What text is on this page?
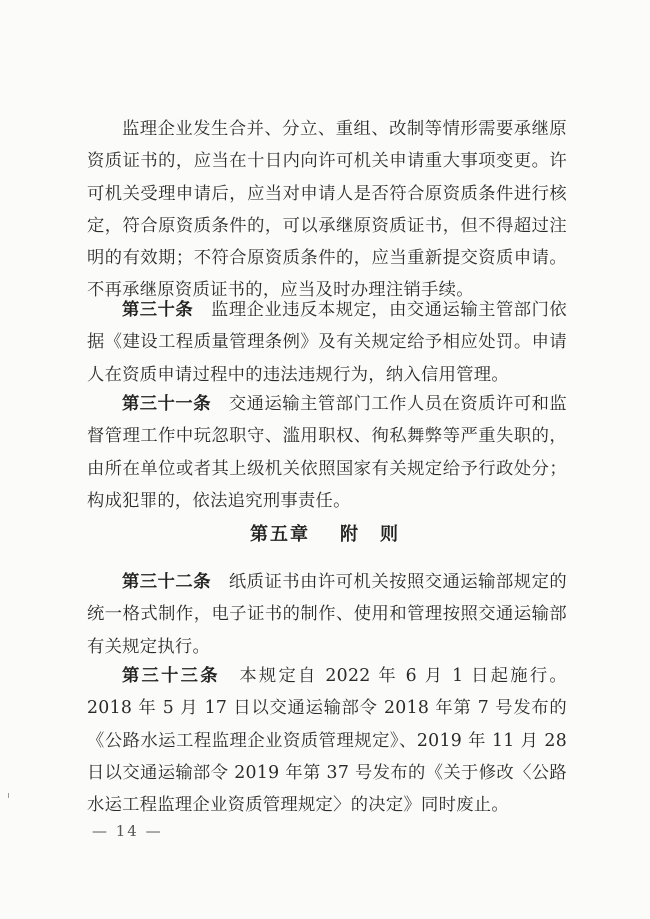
监理企业发生合并、分立、重组、改制等情形需要承继原资质证书的，应当在十日内向许可机关申请重大事项变更。许可机关受理申请后，应当对申请人是否符合原资质条件进行核定，符合原资质条件的，可以承继原资质证书，但不得超过注明的有效期；不符合原资质条件的，应当重新提交资质申请。不再承继原资质证书的，应当及时办理注销手续。

第三十条　 监理企业违反本规定，由交通运输主管部门依据《建设工程质量管理条例》及有关规定给予相应处罚。申请人在资质申请过程中的违法违规行为，纳入信用管理。

第三十一条　 交通运输主管部门工作人员在资质许可和监督管理工作中玩忽职守、滥用职权、徇私舞弊等严重失职的，由所在单位或者其上级机关依照国家有关规定给予行政处分；构成犯罪的，依法追究刑事责任。

第五章 附　则

第三十二条　 纸质证书由许可机关按照交通运输部规定的统一格式制作，电子证书的制作、使用和管理按照交通运输部有关规定执行。

第三十三条　 本规定自 2022 年 6 月 1 日起施行。2018 年 5 月 17 日以交通运输部令 2018 年第 7 号发布的《公路水运工程监理企业资质管理规定》、2019 年 11 月 28 日以交通运输部令 2019 年第 37 号发布的《关于修改〈公路水运工程监理企业资质管理规定〉的决定》同时废止。

— 14 —
